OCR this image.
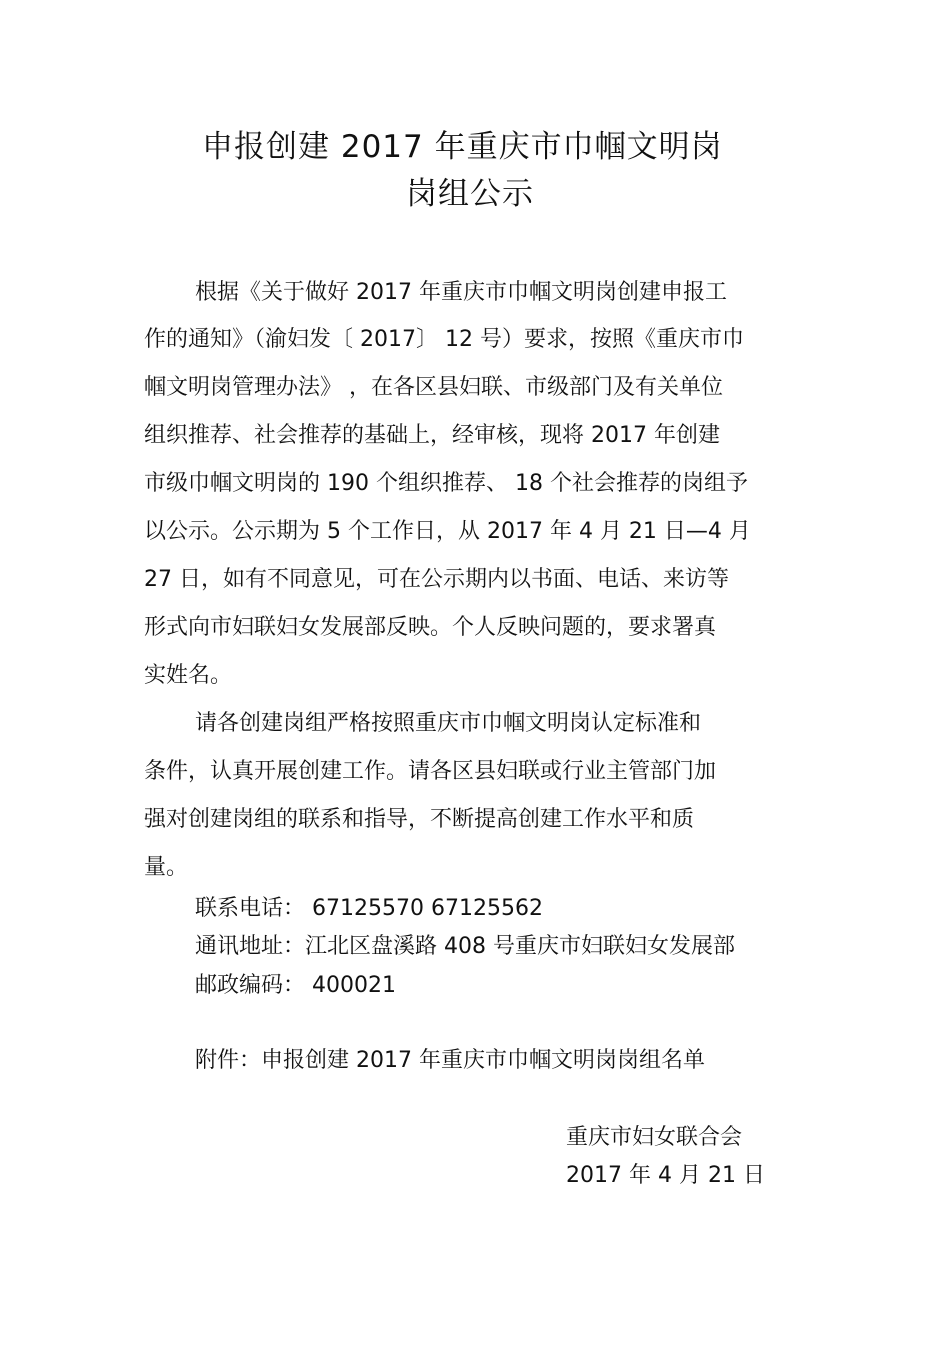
申报创建 2017 年重庆市巾帼文明岗
岗组公示
根据《关于做好 2017 年重庆市巾帼文明岗创建申报工
作的通知》（渝妇发〔 2017〕 12 号）要求，按照《重庆市巾
帼文明岗管理办法》 ，在各区县妇联、市级部门及有关单位
组织推荐、社会推荐的基础上，经审核，现将 2017 年创建
市级巾帼文明岗的 190 个组织推荐、 18 个社会推荐的岗组予
以公示。公示期为 5 个工作日，从 2017 年 4 月 21 日—4 月
27 日，如有不同意见，可在公示期内以书面、电话、来访等
形式向市妇联妇女发展部反映。个人反映问题的，要求署真
实姓名。
请各创建岗组严格按照重庆市巾帼文明岗认定标准和
条件，认真开展创建工作。请各区县妇联或行业主管部门加
强对创建岗组的联系和指导，不断提高创建工作水平和质
量。
联系电话： 67125570 67125562
通讯地址：江北区盘溪路 408 号重庆市妇联妇女发展部
邮政编码： 400021
附件：申报创建 2017 年重庆市巾帼文明岗岗组名单
重庆市妇女联合会
2017 年 4 月 21 日
